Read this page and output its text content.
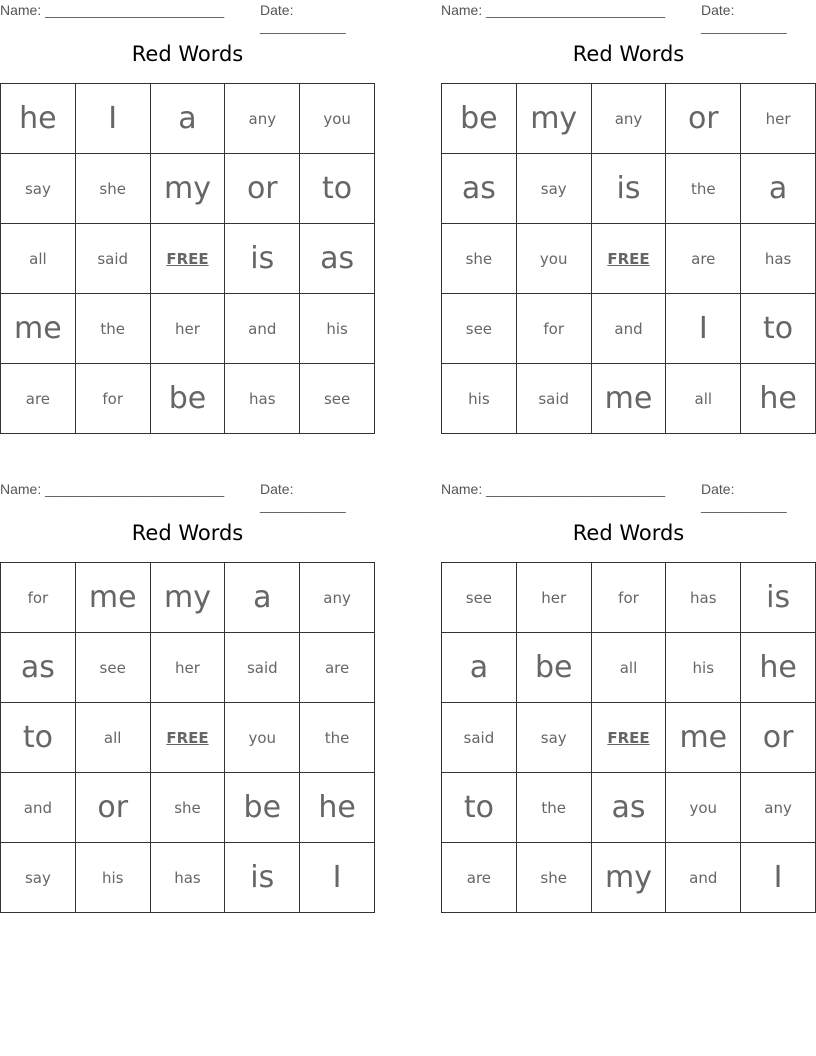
Name: _______________________	Date: ___________
Red Words
he	I	a	any	you
say	she	my	or	to
all	said	FREE	is	as
me	the	her	and	his
are	for	be	has	see
Name: _______________________	Date: ___________
Red Words
be	my	any	or	her
as	say	is	the	a
she	you	FREE	are	has
see	for	and	I	to
his	said	me	all	he
Name: _______________________	Date: ___________
Red Words
for	me	my	a	any
as	see	her	said	are
to	all	FREE	you	the
and	or	she	be	he
say	his	has	is	I
Name: _______________________	Date: ___________
Red Words
see	her	for	has	is
a	be	all	his	he
said	say	FREE	me	or
to	the	as	you	any
are	she	my	and	I
